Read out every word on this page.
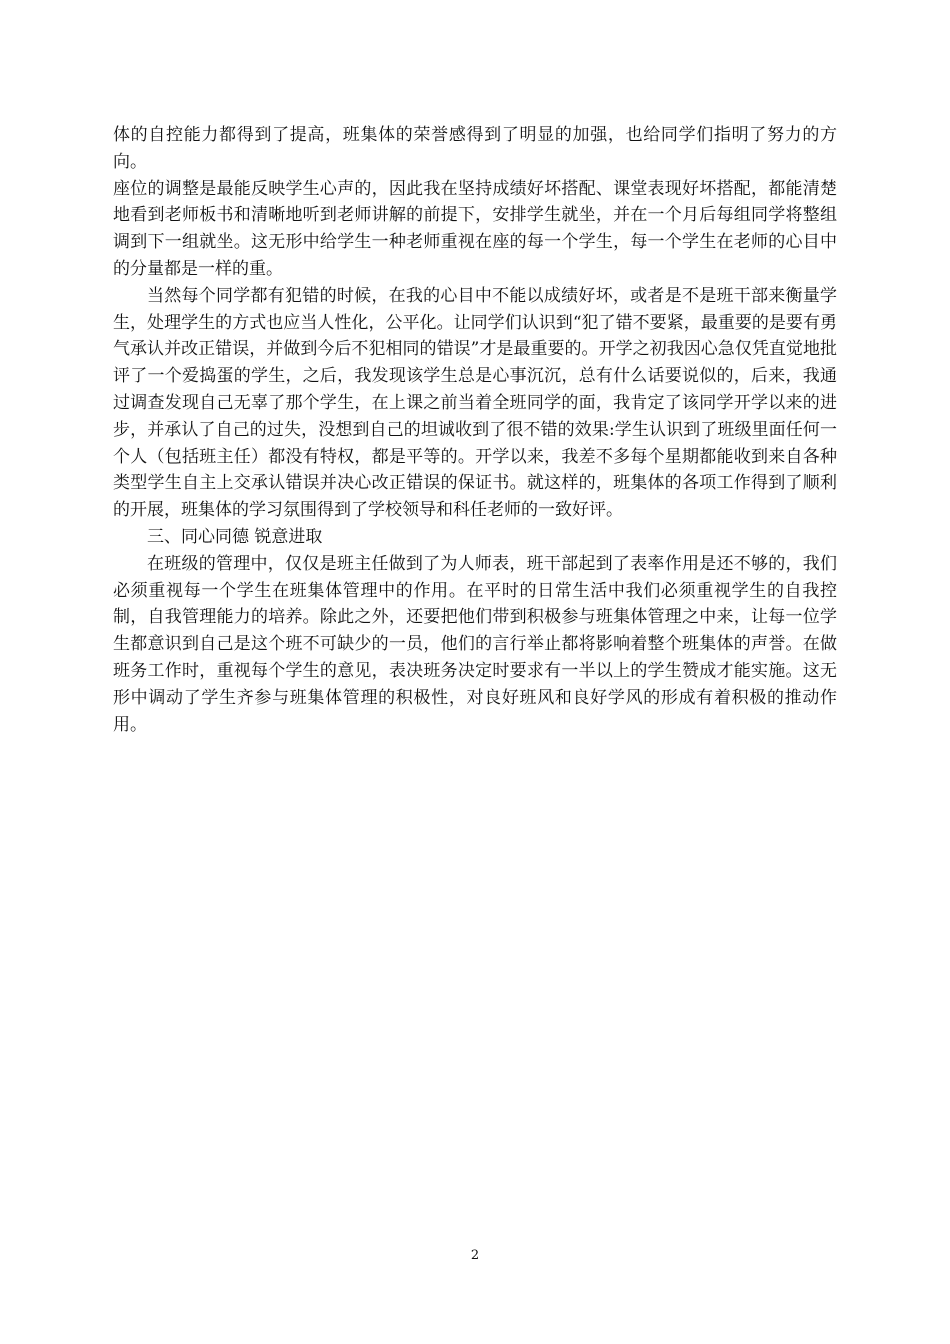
体的自控能力都得到了提高，班集体的荣誉感得到了明显的加强，也给同学们指明了努力的方向。

座位的调整是最能反映学生心声的，因此我在坚持成绩好坏搭配、课堂表现好坏搭配，都能清楚地看到老师板书和清晰地听到老师讲解的前提下，安排学生就坐，并在一个月后每组同学将整组调到下一组就坐。这无形中给学生一种老师重视在座的每一个学生，每一个学生在老师的心目中的分量都是一样的重。

当然每个同学都有犯错的时候，在我的心目中不能以成绩好坏，或者是不是班干部来衡量学生，处理学生的方式也应当人性化，公平化。让同学们认识到“犯了错不要紧，最重要的是要有勇气承认并改正错误，并做到今后不犯相同的错误”才是最重要的。开学之初我因心急仅凭直觉地批评了一个爱捣蛋的学生，之后，我发现该学生总是心事沉沉，总有什么话要说似的，后来，我通过调查发现自己无辜了那个学生，在上课之前当着全班同学的面，我肯定了该同学开学以来的进步，并承认了自己的过失，没想到自己的坦诚收到了很不错的效果:学生认识到了班级里面任何一个人（包括班主任）都没有特权，都是平等的。开学以来，我差不多每个星期都能收到来自各种类型学生自主上交承认错误并决心改正错误的保证书。就这样的，班集体的各项工作得到了顺利的开展，班集体的学习氛围得到了学校领导和科任老师的一致好评。

三、同心同德 锐意进取

在班级的管理中，仅仅是班主任做到了为人师表，班干部起到了表率作用是还不够的，我们必须重视每一个学生在班集体管理中的作用。在平时的日常生活中我们必须重视学生的自我控制，自我管理能力的培养。除此之外，还要把他们带到积极参与班集体管理之中来，让每一位学生都意识到自己是这个班不可缺少的一员，他们的言行举止都将影响着整个班集体的声誉。在做班务工作时，重视每个学生的意见，表决班务决定时要求有一半以上的学生赞成才能实施。这无形中调动了学生齐参与班集体管理的积极性，对良好班风和良好学风的形成有着积极的推动作用。

2
